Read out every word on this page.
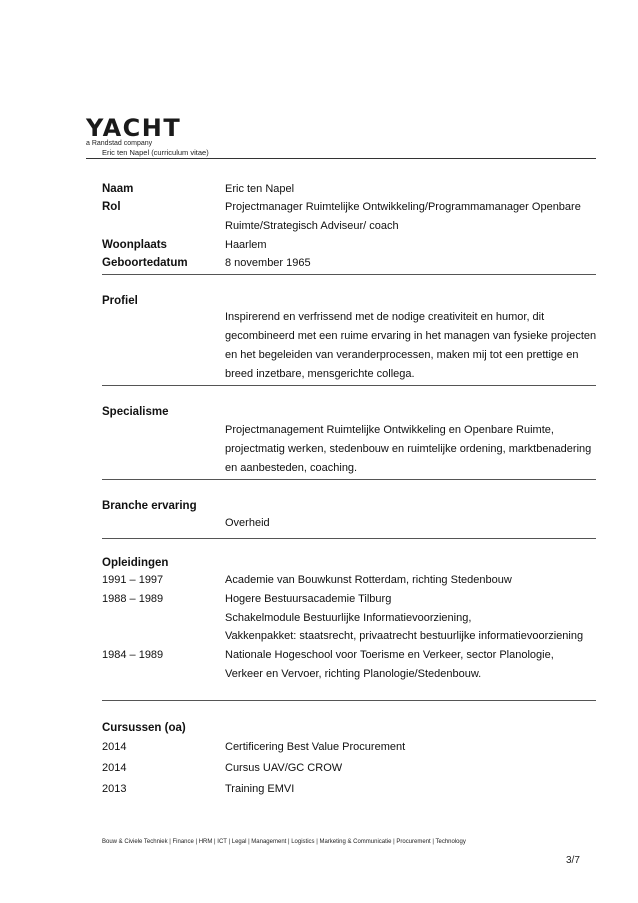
YACHT
a Randstad company
Eric ten Napel (curriculum vitae)
Naam	Eric ten Napel
Rol	Projectmanager Ruimtelijke Ontwikkeling/Programmamanager Openbare
Ruimte/Strategisch Adviseur/ coach
Woonplaats	Haarlem
Geboortedatum	8 november 1965
Profiel
Inspirerend en verfrissend met de nodige creativiteit en humor, dit
gecombineerd met een ruime ervaring in het managen van fysieke projecten
en het begeleiden van veranderprocessen, maken mij tot een prettige en
breed inzetbare, mensgerichte collega.
Specialisme
Projectmanagement Ruimtelijke Ontwikkeling en Openbare Ruimte,
projectmatig werken, stedenbouw en ruimtelijke ordening, marktbenadering
en aanbesteden, coaching.
Branche ervaring
Overheid
Opleidingen
1991 – 1997	Academie van Bouwkunst Rotterdam, richting Stedenbouw
1988 – 1989	Hogere Bestuursacademie Tilburg
Schakelmodule Bestuurlijke Informatievoorziening,
Vakkenpakket: staatsrecht, privaatrecht bestuurlijke informatievoorziening
1984 – 1989	Nationale Hogeschool voor Toerisme en Verkeer, sector Planologie,
Verkeer en Vervoer, richting Planologie/Stedenbouw.
Cursussen (oa)
2014	Certificering Best Value Procurement
2014	Cursus UAV/GC CROW
2013	Training EMVI
Bouw & Civiele Techniek | Finance | HRM | ICT | Legal | Management | Logistics | Marketing & Communicatie | Procurement | Technology
3/7
